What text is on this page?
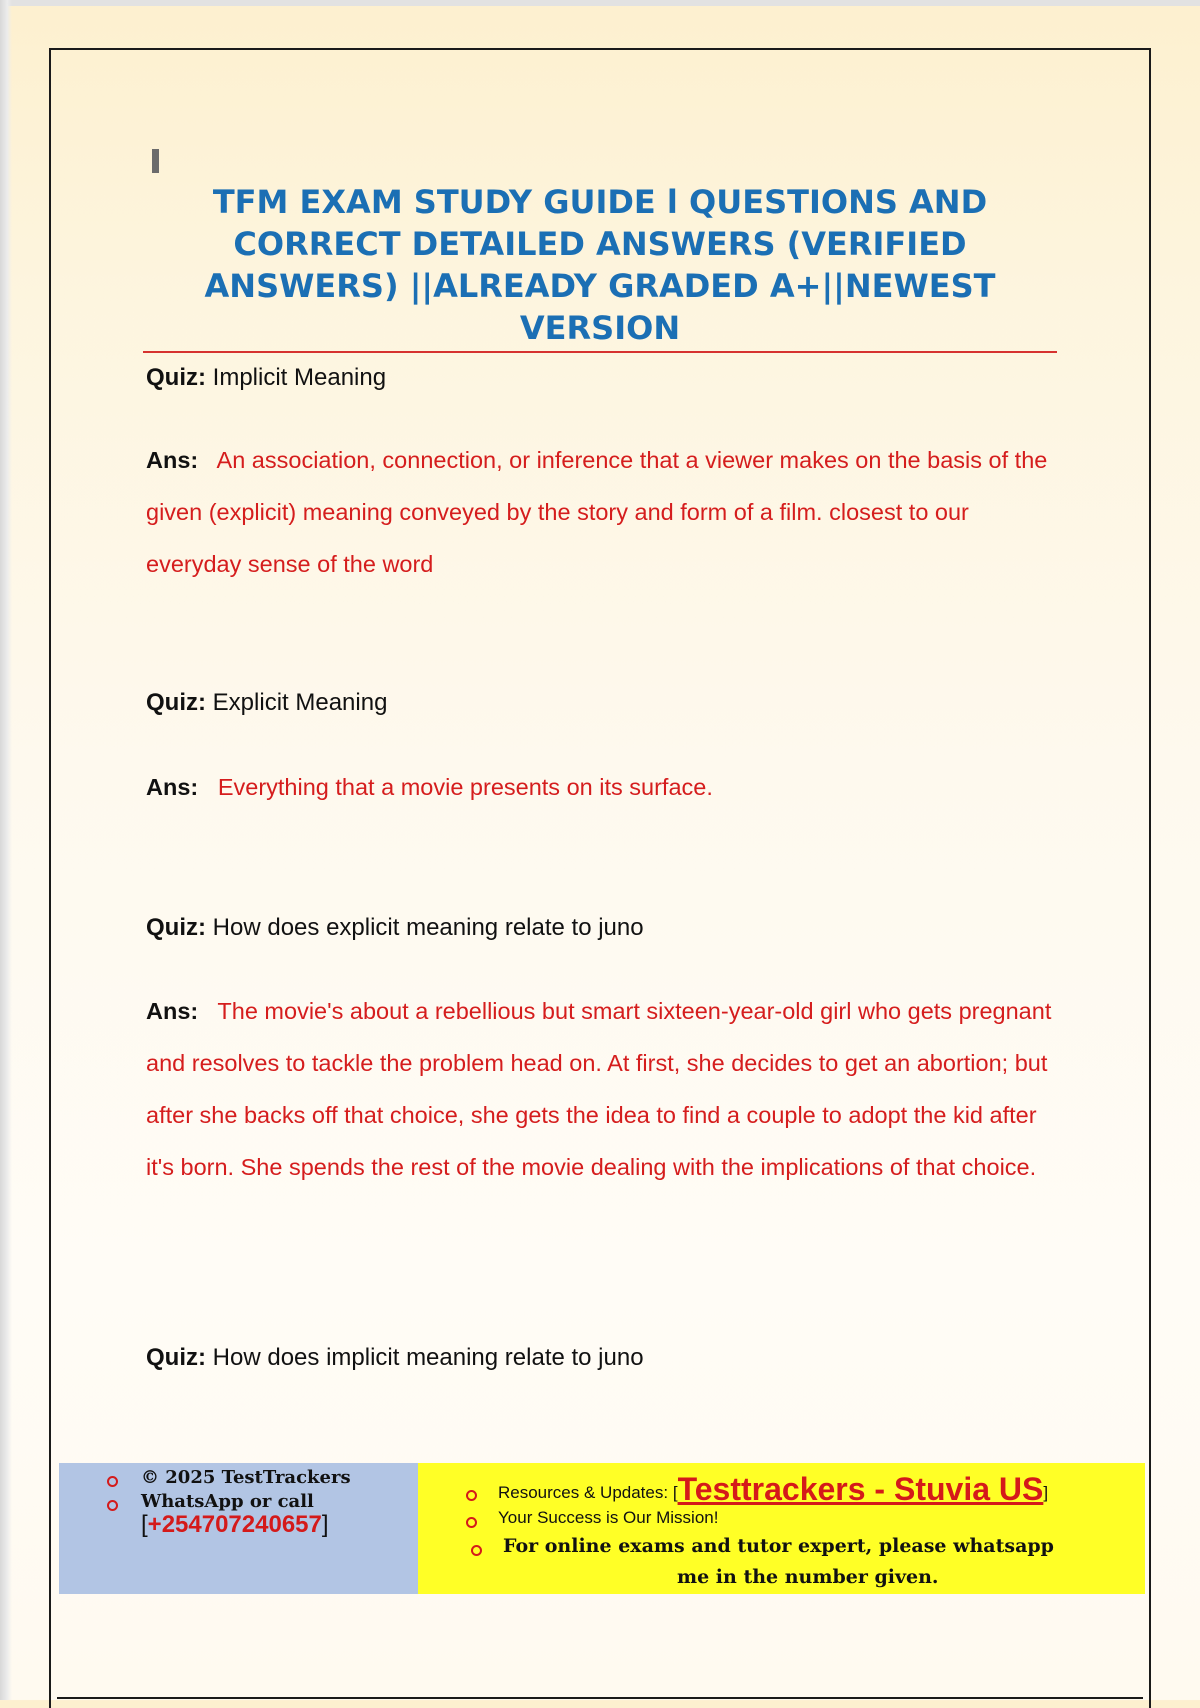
TFM EXAM STUDY GUIDE l QUESTIONS AND CORRECT DETAILED ANSWERS (VERIFIED ANSWERS) ||ALREADY GRADED A+||NEWEST VERSION

Quiz: Implicit Meaning

Ans: An association, connection, or inference that a viewer makes on the basis of the given (explicit) meaning conveyed by the story and form of a film. closest to our everyday sense of the word

Quiz: Explicit Meaning

Ans: Everything that a movie presents on its surface.

Quiz: How does explicit meaning relate to juno

Ans: The movie's about a rebellious but smart sixteen-year-old girl who gets pregnant and resolves to tackle the problem head on. At first, she decides to get an abortion; but after she backs off that choice, she gets the idea to find a couple to adopt the kid after it's born. She spends the rest of the movie dealing with the implications of that choice.

Quiz: How does implicit meaning relate to juno

© 2025 TestTrackers
WhatsApp or call
[+254707240657]
Resources & Updates: [Testtrackers - Stuvia US]
Your Success is Our Mission!
For online exams and tutor expert, please whatsapp
me in the number given.
